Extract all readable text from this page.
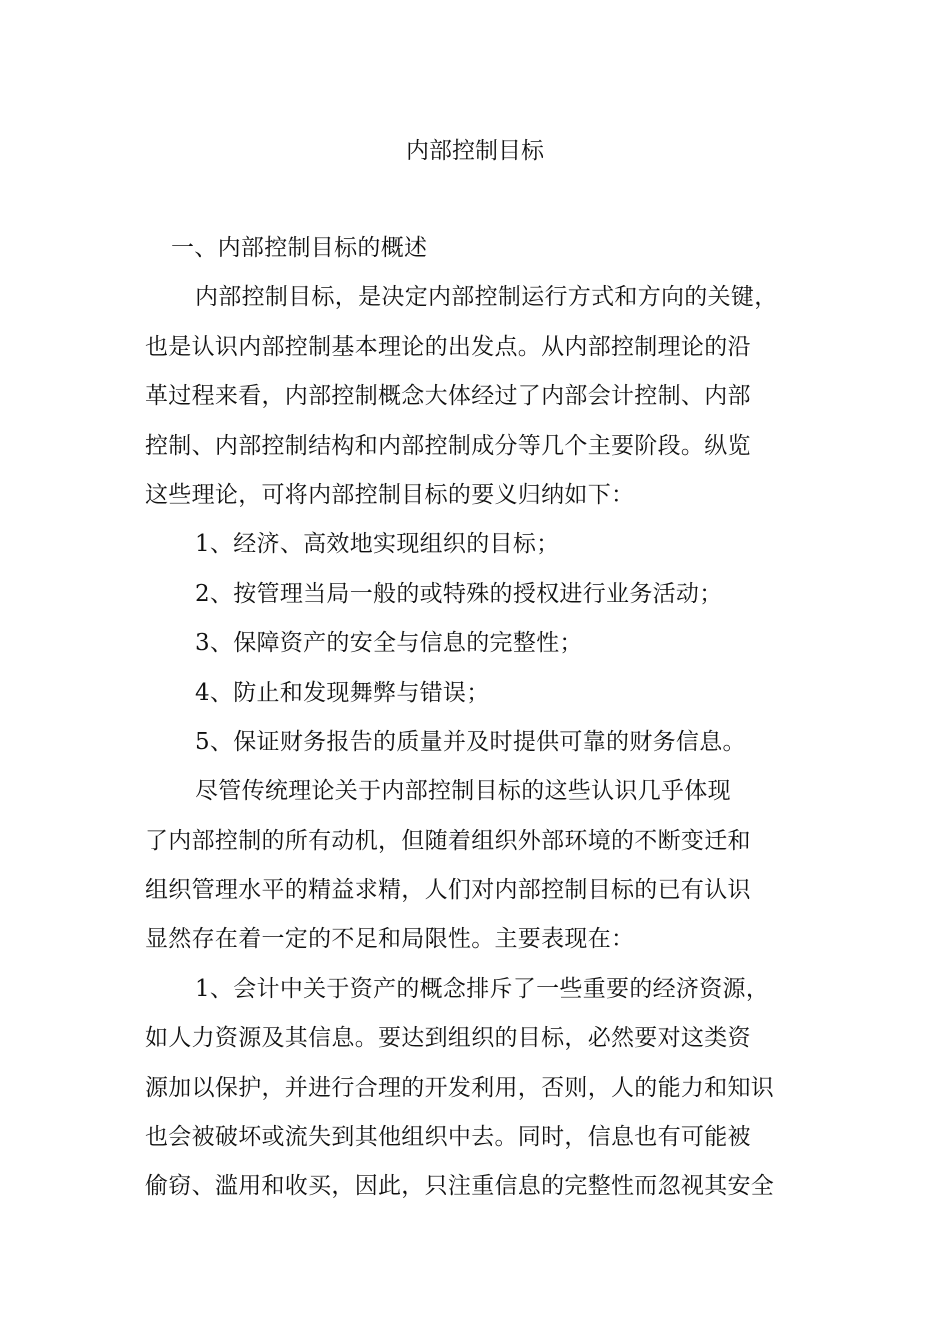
内部控制目标
一、内部控制目标的概述
内部控制目标，是决定内部控制运行方式和方向的关键，
也是认识内部控制基本理论的出发点。从内部控制理论的沿
革过程来看，内部控制概念大体经过了内部会计控制、内部
控制、内部控制结构和内部控制成分等几个主要阶段。纵览
这些理论，可将内部控制目标的要义归纳如下：
1、经济、高效地实现组织的目标；
2、按管理当局一般的或特殊的授权进行业务活动；
3、保障资产的安全与信息的完整性；
4、防止和发现舞弊与错误；
5、保证财务报告的质量并及时提供可靠的财务信息。
尽管传统理论关于内部控制目标的这些认识几乎体现
了内部控制的所有动机，但随着组织外部环境的不断变迁和
组织管理水平的精益求精，人们对内部控制目标的已有认识
显然存在着一定的不足和局限性。主要表现在：
1、会计中关于资产的概念排斥了一些重要的经济资源，
如人力资源及其信息。要达到组织的目标，必然要对这类资
源加以保护，并进行合理的开发利用，否则，人的能力和知识
也会被破坏或流失到其他组织中去。同时，信息也有可能被
偷窃、滥用和收买，因此，只注重信息的完整性而忽视其安全
